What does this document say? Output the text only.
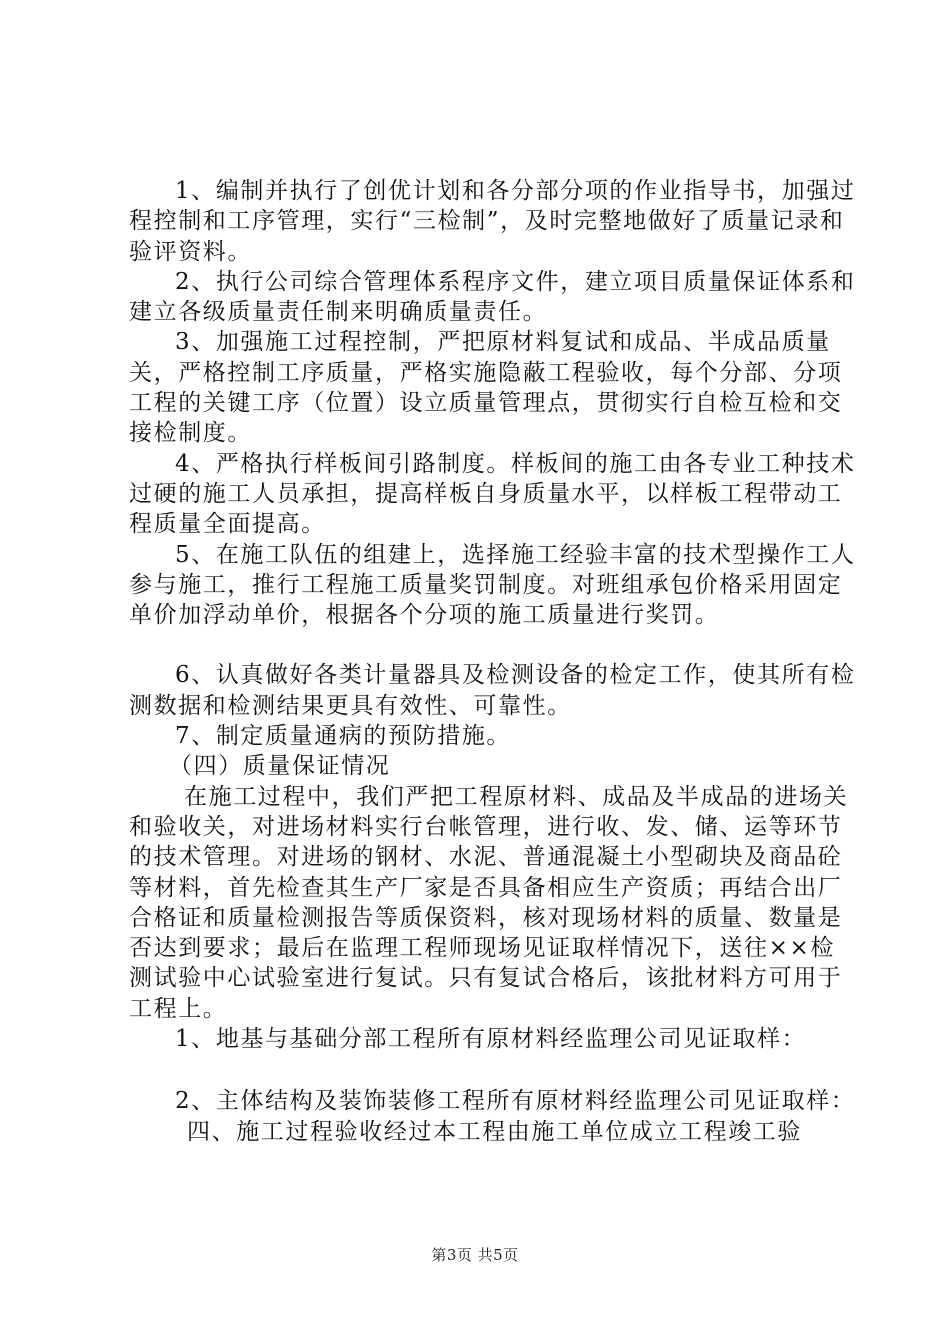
1、编制并执行了创优计划和各分部分项的作业指导书，加强过程控制和工序管理，实行“三检制”，及时完整地做好了质量记录和验评资料。

2、执行公司综合管理体系程序文件，建立项目质量保证体系和建立各级质量责任制来明确质量责任。

3、加强施工过程控制，严把原材料复试和成品、半成品质量关，严格控制工序质量，严格实施隐蔽工程验收，每个分部、分项工程的关键工序（位置）设立质量管理点，贯彻实行自检互检和交接检制度。

4、严格执行样板间引路制度。样板间的施工由各专业工种技术过硬的施工人员承担，提高样板自身质量水平，以样板工程带动工程质量全面提高。

5、在施工队伍的组建上，选择施工经验丰富的技术型操作工人参与施工，推行工程施工质量奖罚制度。对班组承包价格采用固定单价加浮动单价，根据各个分项的施工质量进行奖罚。

6、认真做好各类计量器具及检测设备的检定工作，使其所有检测数据和检测结果更具有效性、可靠性。

7、制定质量通病的预防措施。

（四）质量保证情况

在施工过程中，我们严把工程原材料、成品及半成品的进场关和验收关，对进场材料实行台帐管理，进行收、发、储、运等环节的技术管理。对进场的钢材、水泥、普通混凝土小型砌块及商品砼等材料，首先检查其生产厂家是否具备相应生产资质；再结合出厂合格证和质量检测报告等质保资料，核对现场材料的质量、数量是否达到要求；最后在监理工程师现场见证取样情况下，送往××检测试验中心试验室进行复试。只有复试合格后，该批材料方可用于工程上。

1、地基与基础分部工程所有原材料经监理公司见证取样：

2、主体结构及装饰装修工程所有原材料经监理公司见证取样：

四、施工过程验收经过本工程由施工单位成立工程竣工验

第3页 共5页
